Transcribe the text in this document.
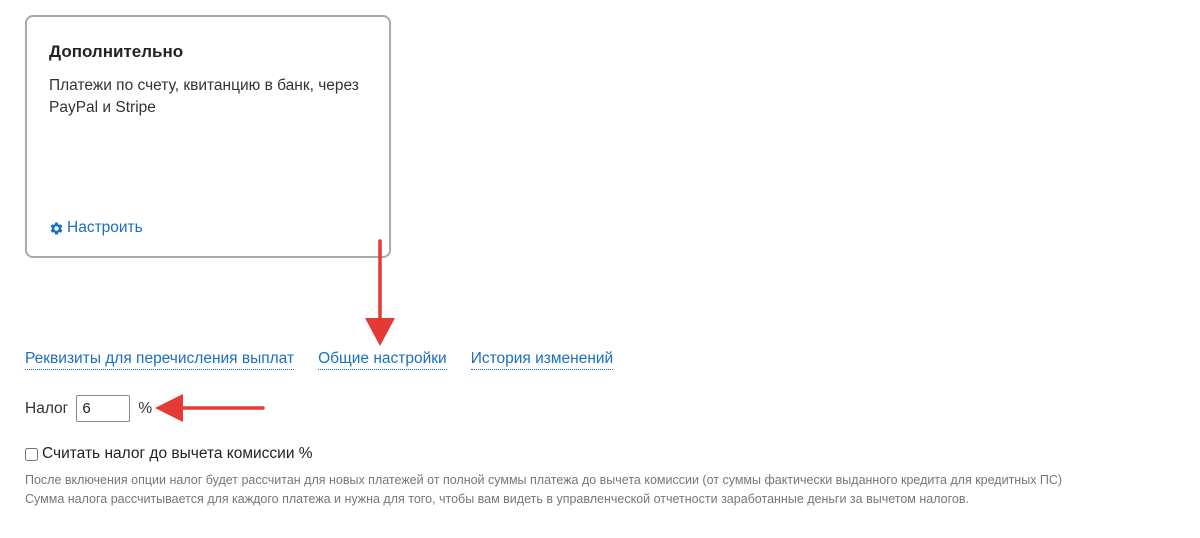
Дополнительно
Платежи по счету, квитанцию в банк, через PayPal и Stripe
Настроить
Реквизиты для перечисления выплат Общие настройки История изменений
Налог
6	%
Считать налог до вычета комиссии %
После включения опции налог будет рассчитан для новых платежей от полной суммы платежа до вычета комиссии (от суммы фактически выданного кредита для кредитных ПС)
Сумма налога рассчитывается для каждого платежа и нужна для того, чтобы вам видеть в управленческой отчетности заработанные деньги за вычетом налогов.
